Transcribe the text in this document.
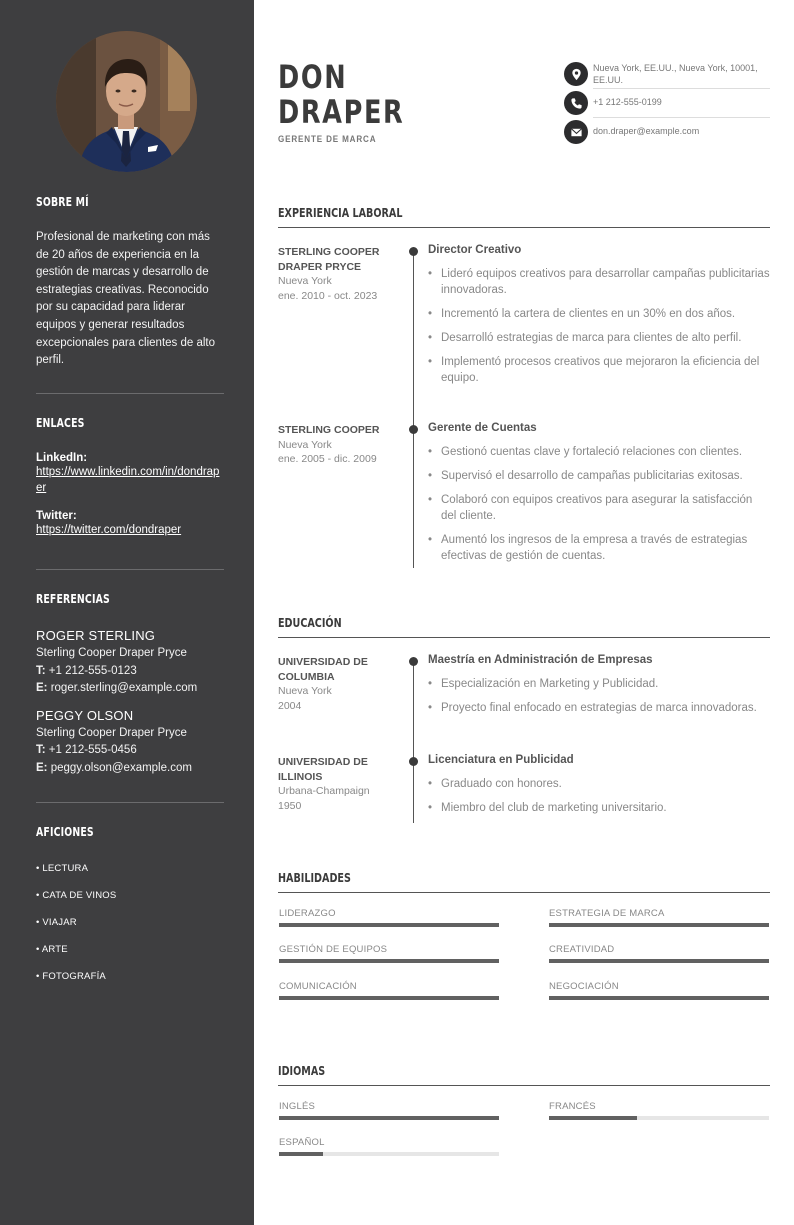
SOBRE MÍ

Profesional de marketing con más de 20 años de experiencia en la gestión de marcas y desarrollo de estrategias creativas. Reconocido por su capacidad para liderar equipos y generar resultados excepcionales para clientes de alto perfil.

ENLACES
LinkedIn:
https://www.linkedin.com/in/dondraper
Twitter:
https://twitter.com/dondraper
REFERENCIAS
ROGER STERLING
Sterling Cooper Draper Pryce
T: +1 212-555-0123
E: roger.sterling@example.com
PEGGY OLSON
Sterling Cooper Draper Pryce
T: +1 212-555-0456
E: peggy.olson@example.com
AFICIONES
• LECTURA
• CATA DE VINOS
• VIAJAR
• ARTE
• FOTOGRAFÍA
DON
DRAPER
GERENTE DE MARCA
Nueva York, EE.UU., Nueva York, 10001, EE.UU.
+1 212-555-0199
don.draper@example.com
EXPERIENCIA LABORAL
STERLING COOPER DRAPER PRYCE
Nueva York
ene. 2010 - oct. 2023
Director Creativo
• Lideró equipos creativos para desarrollar campañas publicitarias innovadoras.
• Incrementó la cartera de clientes en un 30% en dos años.
• Desarrolló estrategias de marca para clientes de alto perfil.
• Implementó procesos creativos que mejoraron la eficiencia del equipo.
STERLING COOPER
Nueva York
ene. 2005 - dic. 2009
Gerente de Cuentas
• Gestionó cuentas clave y fortaleció relaciones con clientes.
• Supervisó el desarrollo de campañas publicitarias exitosas.
• Colaboró con equipos creativos para asegurar la satisfacción del cliente.
• Aumentó los ingresos de la empresa a través de estrategias efectivas de gestión de cuentas.
EDUCACIÓN
UNIVERSIDAD DE COLUMBIA
Nueva York
2004
Maestría en Administración de Empresas
• Especialización en Marketing y Publicidad.
• Proyecto final enfocado en estrategias de marca innovadoras.
UNIVERSIDAD DE ILLINOIS
Urbana-Champaign
1950
Licenciatura en Publicidad
• Graduado con honores.
• Miembro del club de marketing universitario.
HABILIDADES
LIDERAZGO	ESTRATEGIA DE MARCA
GESTIÓN DE EQUIPOS	CREATIVIDAD
COMUNICACIÓN	NEGOCIACIÓN
IDIOMAS
INGLÉS	FRANCÉS
ESPAÑOL
